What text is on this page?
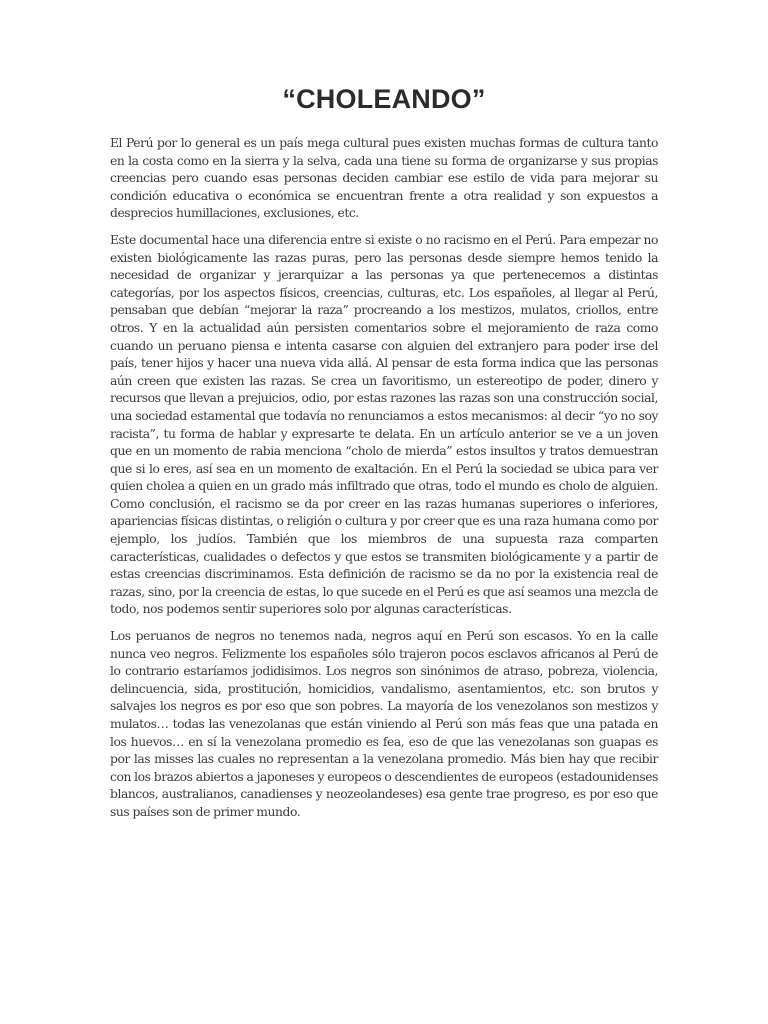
“CHOLEANDO”

El Perú por lo general es un país mega cultural pues existen muchas formas de cultura tanto en la costa como en la sierra y la selva, cada una tiene su forma de organizarse y sus propias creencias pero cuando esas personas deciden cambiar ese estilo de vida para mejorar su condición educativa o económica se encuentran frente a otra realidad y son expuestos a desprecios humillaciones, exclusiones, etc.

Este documental hace una diferencia entre si existe o no racismo en el Perú. Para empezar no existen biológicamente las razas puras, pero las personas desde siempre hemos tenido la necesidad de organizar y jerarquizar a las personas ya que pertenecemos a distintas categorías, por los aspectos físicos, creencias, culturas, etc. Los españoles, al llegar al Perú, pensaban que debían “mejorar la raza” procreando a los mestizos, mulatos, criollos, entre otros. Y en la actualidad aún persisten comentarios sobre el mejoramiento de raza como cuando un peruano piensa e intenta casarse con alguien del extranjero para poder irse del país, tener hijos y hacer una nueva vida allá. Al pensar de esta forma indica que las personas aún creen que existen las razas. Se crea un favoritismo, un estereotipo de poder, dinero y recursos que llevan a prejuicios, odio, por estas razones las razas son una construcción social, una sociedad estamental que todavía no renunciamos a estos mecanismos: al decir “yo no soy racista”, tu forma de hablar y expresarte te delata. En un artículo anterior se ve a un joven que en un momento de rabia menciona “cholo de mierda” estos insultos y tratos demuestran que si lo eres, así sea en un momento de exaltación. En el Perú la sociedad se ubica para ver quien cholea a quien en un grado más infiltrado que otras, todo el mundo es cholo de alguien. Como conclusión, el racismo se da por creer en las razas humanas superiores o inferiores, apariencias físicas distintas, o religión o cultura y por creer que es una raza humana como por ejemplo, los judíos. También que los miembros de una supuesta raza comparten características, cualidades o defectos y que estos se transmiten biológicamente y a partir de estas creencias discriminamos. Esta definición de racismo se da no por la existencia real de razas, sino, por la creencia de estas, lo que sucede en el Perú es que así seamos una mezcla de todo, nos podemos sentir superiores solo por algunas características.

Los peruanos de negros no tenemos nada, negros aquí en Perú son escasos. Yo en la calle nunca veo negros. Felizmente los españoles sólo trajeron pocos esclavos africanos al Perú de lo contrario estaríamos jodidisimos. Los negros son sinónimos de atraso, pobreza, violencia, delincuencia, sida, prostitución, homicidios, vandalismo, asentamientos, etc. son brutos y salvajes los negros es por eso que son pobres. La mayoría de los venezolanos son mestizos y mulatos… todas las venezolanas que están viniendo al Perú son más feas que una patada en los huevos… en sí la venezolana promedio es fea, eso de que las venezolanas son guapas es por las misses las cuales no representan a la venezolana promedio. Más bien hay que recibir con los brazos abiertos a japoneses y europeos o descendientes de europeos (estadounidenses blancos, australianos, canadienses y neozeolandeses) esa gente trae progreso, es por eso que sus países son de primer mundo.
